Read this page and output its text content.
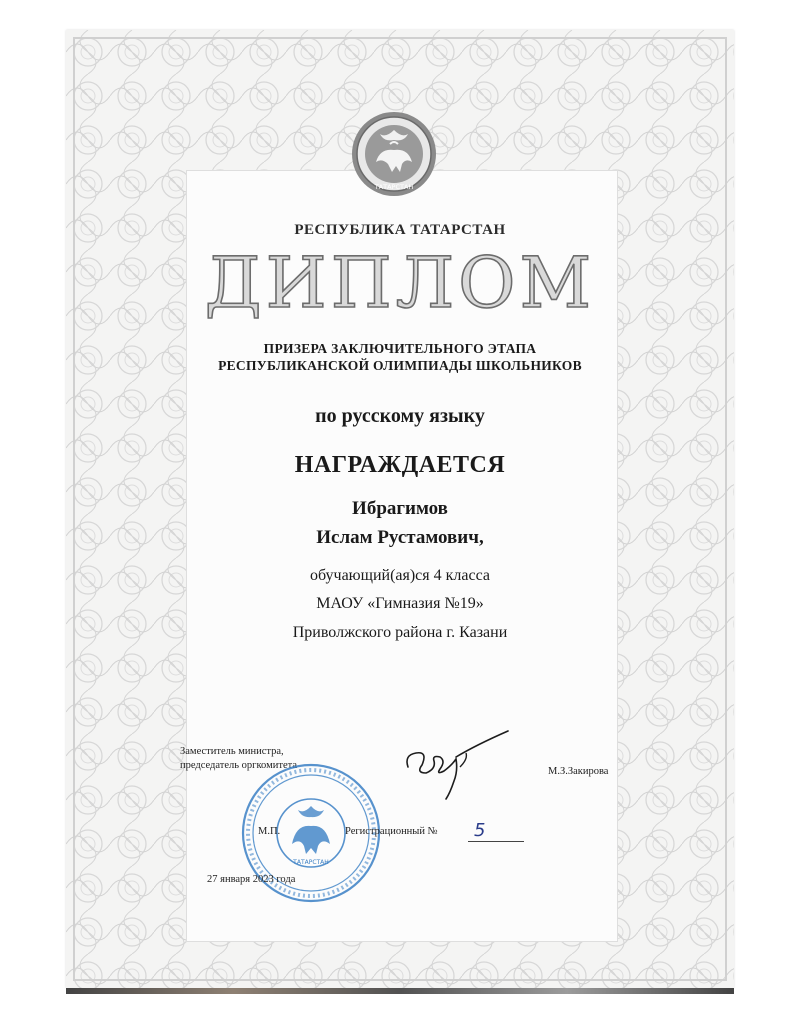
ТАТАРСТАН
РЕСПУБЛИКА ТАТАРСТАН
ДИПЛОМ
ПРИЗЕРА ЗАКЛЮЧИТЕЛЬНОГО ЭТАПА
РЕСПУБЛИКАНСКОЙ ОЛИМПИАДЫ ШКОЛЬНИКОВ
по русскому языку
НАГРАЖДАЕТСЯ
Ибрагимов
Ислам Рустамович,
обучающий(ая)ся 4 класса
МАОУ «Гимназия №19»
Приволжского района г. Казани
Заместитель министра,
председатель оргкомитета
М.З.Закирова
ТАТАРСТАН
М.П.	Регистрационный № 5
27 января 2023 года
